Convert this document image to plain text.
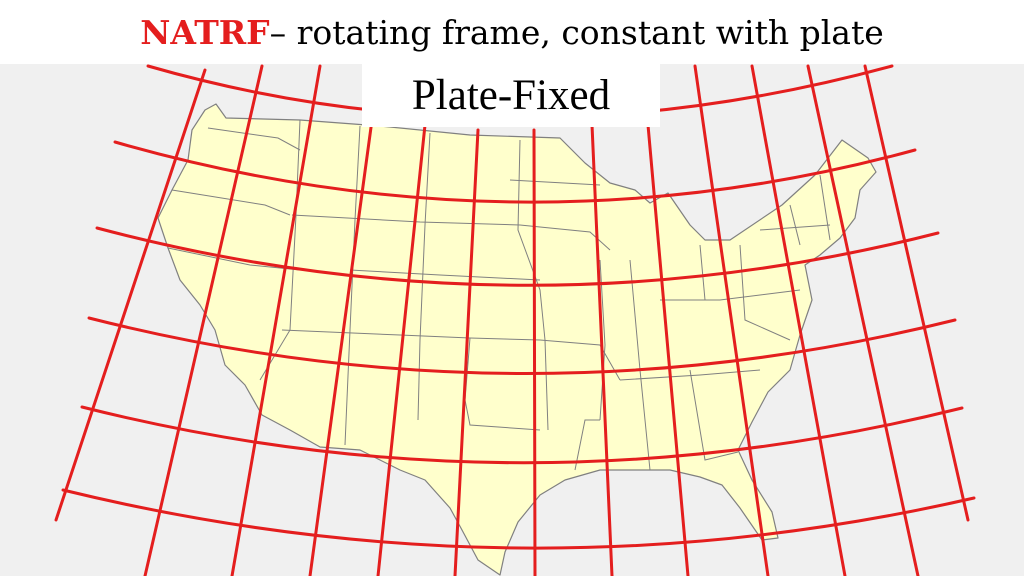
NATRF – rotating frame, constant with plate
Plate-Fixed
